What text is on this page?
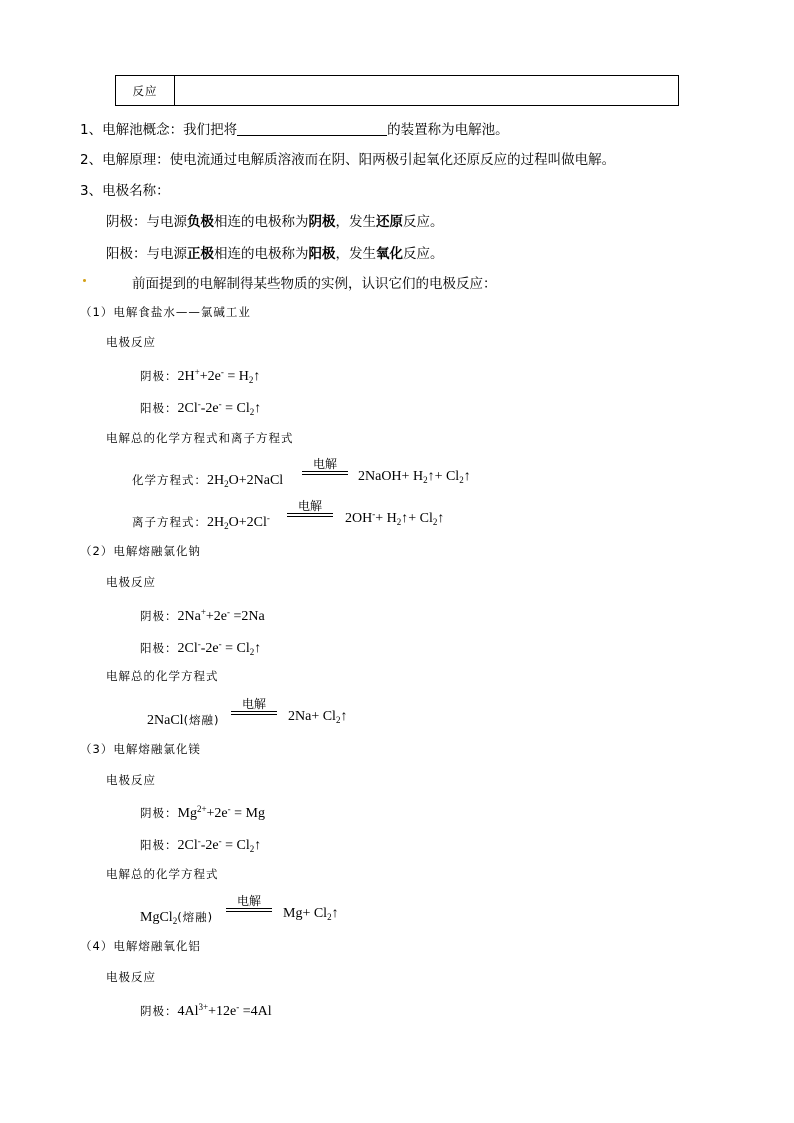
反应
1、电解池概念：我们把将	的装置称为电解池。
2、电解原理：使电流通过电解质溶液而在阴、阳两极引起氧化还原反应的过程叫做电解。
3、电极名称：
阴极：与电源负极相连的电极称为阴极，发生还原反应。
阳极：与电源正极相连的电极称为阳极，发生氧化反应。
前面提到的电解制得某些物质的实例，认识它们的电极反应：
（1）电解食盐水——氯碱工业
电极反应
阴极：$2H^++2e^- = H_2↑$
阳极：$2Cl^--2e^- = Cl_2↑$
电解总的化学方程式和离子方程式
化学方程式：$2H_2O+2NaCl$
电解
2NaOH+ $H_2↑+$ $Cl_2↑$
离子方程式：$2H_2O+2Cl^-$
电解
$2OH^-+ H_2↑+$ $Cl_2↑$
（2）电解熔融氯化钠
电极反应
阴极：2Na++2e- =2Na
阳极：$2Cl^--2e^- = Cl_2↑$
电解总的化学方程式
2NaCl(熔融)
电解
$2Na+ Cl_2↑$
（3）电解熔融氯化镁
电极反应
阴极：$Mg^{2+}+2e^- = Mg$
阳极：$2Cl^--2e^- = Cl_2↑$
电解总的化学方程式
MgCl$_2$(熔融)
电解
$Mg+ Cl_2↑$
（4）电解熔融氧化铝
电极反应
阴极：$4Al^{3+}+12e^- =4Al$
